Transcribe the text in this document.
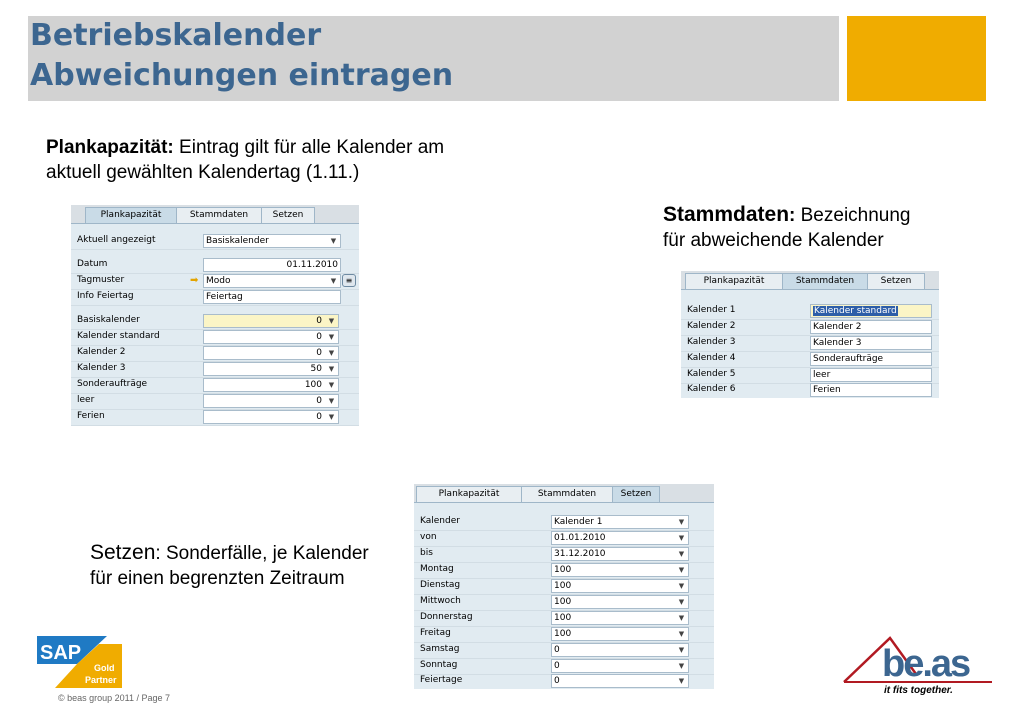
Betriebskalender
Abweichungen eintragen
Plankapazität: Eintrag gilt für alle Kalender am
aktuell gewählten Kalendertag (1.11.)
Stammdaten: Bezeichnung
für abweichende Kalender
Setzen: Sonderfälle, je Kalender
für einen begrenzten Zeitraum
Plankapazität	Stammdaten	Setzen
Aktuell angezeigt	Basiskalender	▼
Datum	01.11.2010
Tagmuster	➡ Modo	▼	≡
Info Feiertag	Feiertag
Basiskalender	0 ▼
Kalender standard	0 ▼
Kalender 2	0 ▼
Kalender 3	50 ▼
Sonderaufträge	100 ▼
leer	0 ▼
Ferien	0 ▼
Plankapazität	Stammdaten	Setzen
Kalender 1	Kalender standard
Kalender 2	Kalender 2
Kalender 3	Kalender 3
Kalender 4	Sonderaufträge
Kalender 5	leer
Kalender 6	Ferien
Plankapazität	Stammdaten	Setzen
Kalender	Kalender 1	▼
von	01.01.2010	▼
bis	31.12.2010	▼
Montag	100	▼
Dienstag	100	▼
Mittwoch	100	▼
Donnerstag	100	▼
Freitag	100	▼
Samstag	0	▼
Sonntag	0	▼
Feiertage	0	▼
SAP
Gold
Partner	be.as
it fits together.
© beas group 2011 / Page 7
